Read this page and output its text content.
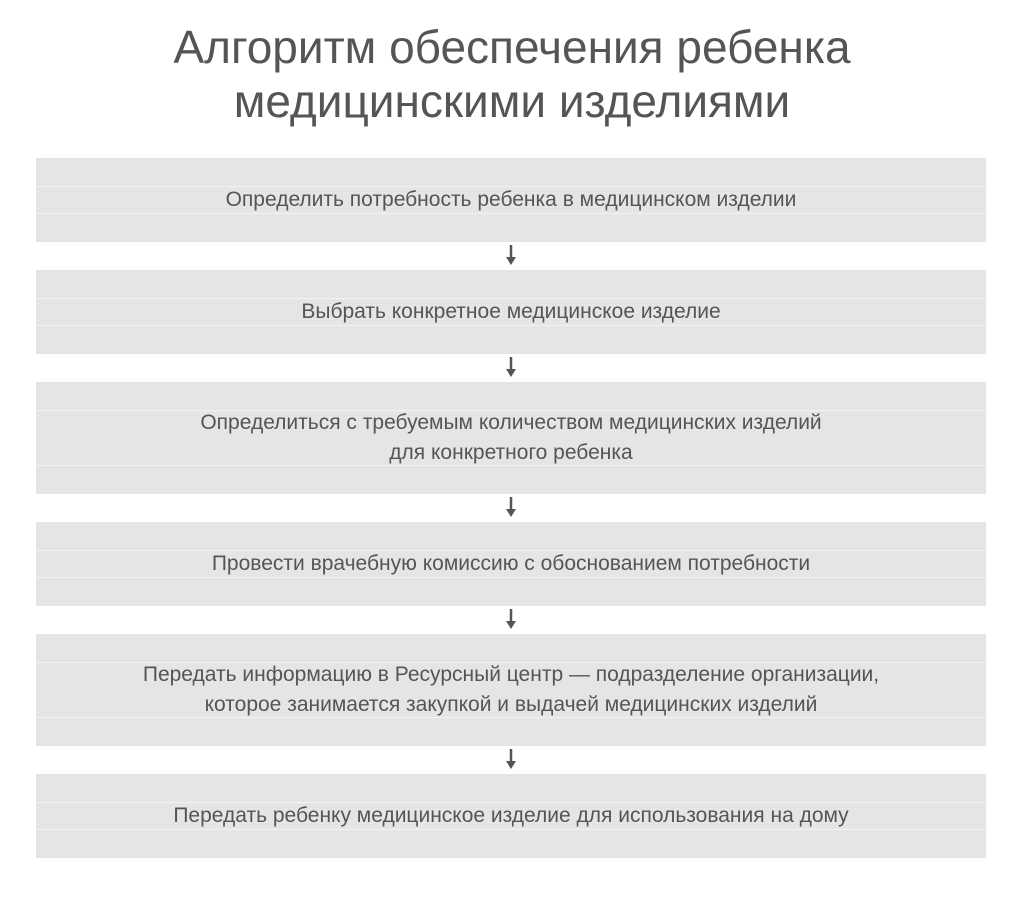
Алгоритм обеспечения ребенка
медицинскими изделиями
Определить потребность ребенка в медицинском изделии
Выбрать конкретное медицинское изделие
Определиться с требуемым количеством медицинских изделий
для конкретного ребенка
Провести врачебную комиссию с обоснованием потребности
Передать информацию в Ресурсный центр — подразделение организации,
которое занимается закупкой и выдачей медицинских изделий
Передать ребенку медицинское изделие для использования на дому
